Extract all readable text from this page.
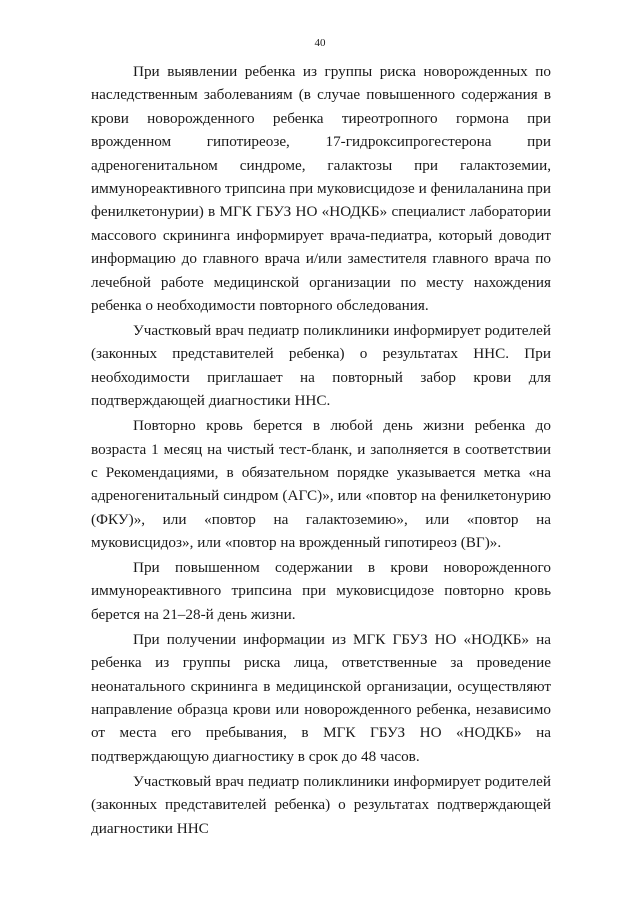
40

При выявлении ребенка из группы риска новорожденных по наследственным заболеваниям (в случае повышенного содержания в крови новорожденного ребенка тиреотропного гормона при врожденном гипотиреозе, 17-гидроксипрогестерона при адреногенитальном синдроме, галактозы при галактоземии, иммунореактивного трипсина при муковисцидозе и фенилаланина при фенилкетонурии) в МГК ГБУЗ НО «НОДКБ» специалист лаборатории массового скрининга информирует врача-педиатра, который доводит информацию до главного врача и/или заместителя главного врача по лечебной работе медицинской организации по месту нахождения ребенка о необходимости повторного обследования.

Участковый врач педиатр поликлиники информирует родителей (законных представителей ребенка) о результатах ННС. При необходимости приглашает на повторный забор крови для подтверждающей диагностики ННС.

Повторно кровь берется в любой день жизни ребенка до возраста 1 месяц на чистый тест-бланк, и заполняется в соответствии с Рекомендациями, в обязательном порядке указывается метка «на адреногенитальный синдром (АГС)», или «повтор на фенилкетонурию (ФКУ)», или «повтор на галактоземию», или «повтор на муковисцидоз», или «повтор на врожденный гипотиреоз (ВГ)».

При повышенном содержании в крови новорожденного иммунореактивного трипсина при муковисцидозе повторно кровь берется на 21–28-й день жизни.

При получении информации из МГК ГБУЗ НО «НОДКБ» на ребенка из группы риска лица, ответственные за проведение неонатального скрининга в медицинской организации, осуществляют направление образца крови или новорожденного ребенка, независимо от места его пребывания, в МГК ГБУЗ НО «НОДКБ» на подтверждающую диагностику в срок до 48 часов.

Участковый врач педиатр поликлиники информирует родителей (законных представителей ребенка) о результатах подтверждающей диагностики ННС
